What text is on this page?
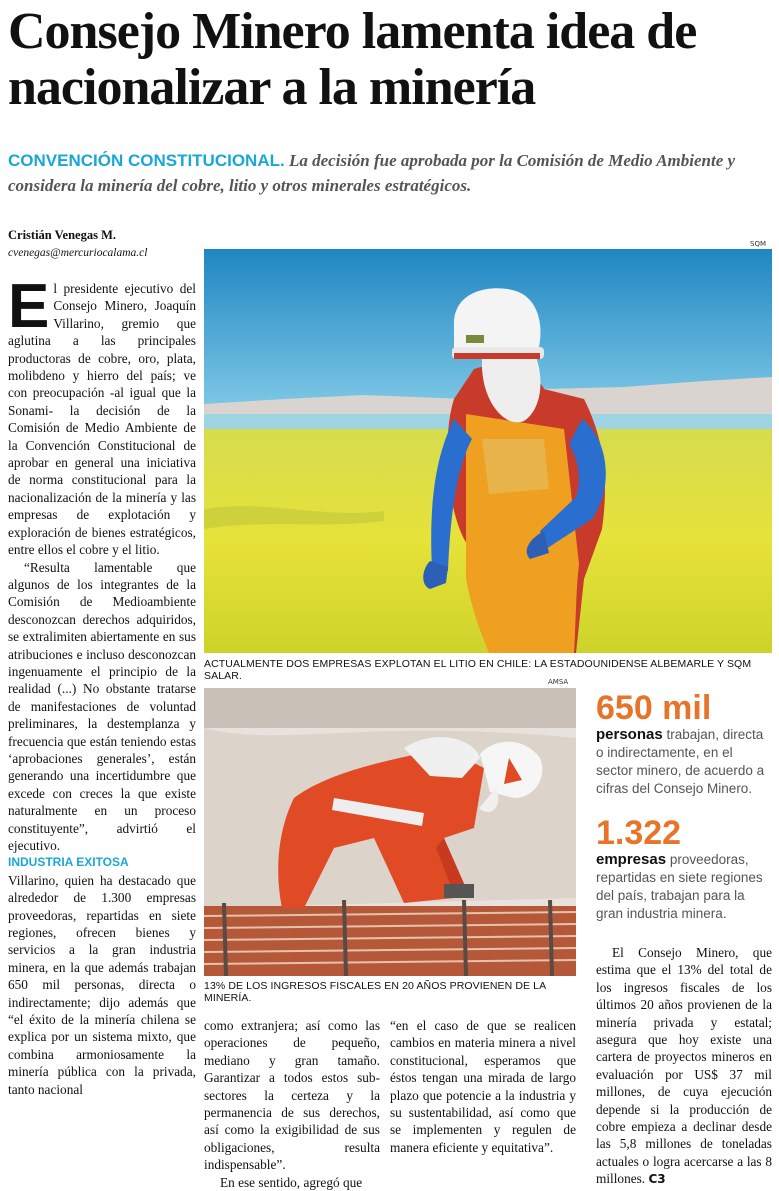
Consejo Minero lamenta idea de nacionalizar a la minería
CONVENCIÓN CONSTITUCIONAL. La decisión fue aprobada por la Comisión de Medio Ambiente y considera la minería del cobre, litio y otros minerales estratégicos.
Cristián Venegas M.
cvenegas@mercuriocalama.cl

El presidente ejecutivo del Consejo Minero, Joaquín Villarino, gremio que aglutina a las principales productoras de cobre, oro, plata, molibdeno y hierro del país; ve con preocupación -al igual que la Sonami- la decisión de la Comisión de Medio Ambiente de la Convención Constitucional de aprobar en general una iniciativa de norma constitucional para la nacionalización de la minería y las empresas de explotación y exploración de bienes estratégicos, entre ellos el cobre y el litio.

“Resulta lamentable que algunos de los integrantes de la Comisión de Medioambiente desconozcan derechos adquiridos, se extralimiten abiertamente en sus atribuciones e incluso desconozcan ingenuamente el principio de la realidad (...) No obstante tratarse de manifestaciones de voluntad preliminares, la destemplanza y frecuencia que están teniendo estas ‘aprobaciones generales’, están generando una incertidumbre que excede con creces la que existe naturalmente en un proceso constituyente”, advirtió el ejecutivo.

INDUSTRIA EXITOSA

Villarino, quien ha destacado que alrededor de 1.300 empresas proveedoras, repartidas en siete regiones, ofrecen bienes y servicios a la gran industria minera, en la que además trabajan 650 mil personas, directa o indirectamente; dijo además que “el éxito de la minería chilena se explica por un sistema mixto, que combina armoniosamente la minería pública con la privada, tanto nacional

SQM
ACTUALMENTE DOS EMPRESAS EXPLOTAN EL LITIO EN CHILE: LA ESTADOUNIDENSE ALBEMARLE Y SQM SALAR.	AMSA
13% DE LOS INGRESOS FISCALES EN 20 AÑOS PROVIENEN DE LA MINERÍA.
650 mil
personas trabajan, directa o indirectamente, en el sector minero, de acuerdo a cifras del Consejo Minero.
1.322
empresas proveedoras, repartidas en siete regiones del país, trabajan para la gran industria minera.

como extranjera; así como las operaciones de pequeño, mediano y gran tamaño. Garantizar a todos estos sub-sectores la certeza y la permanencia de sus derechos, así como la exigibilidad de sus obligaciones, resulta indispensable”.

En ese sentido, agregó que

“en el caso de que se realicen cambios en materia minera a nivel constitucional, esperamos que éstos tengan una mirada de largo plazo que potencie a la industria y su sustentabilidad, así como que se implementen y regulen de manera eficiente y equitativa”.

El Consejo Minero, que estima que el 13% del total de los ingresos fiscales de los últimos 20 años provienen de la minería privada y estatal; asegura que hoy existe una cartera de proyectos mineros en evaluación por US$ 37 mil millones, de cuya ejecución depende si la producción de cobre empieza a declinar desde las 5,8 millones de toneladas actuales o logra acercarse a las 8 millones. C3
